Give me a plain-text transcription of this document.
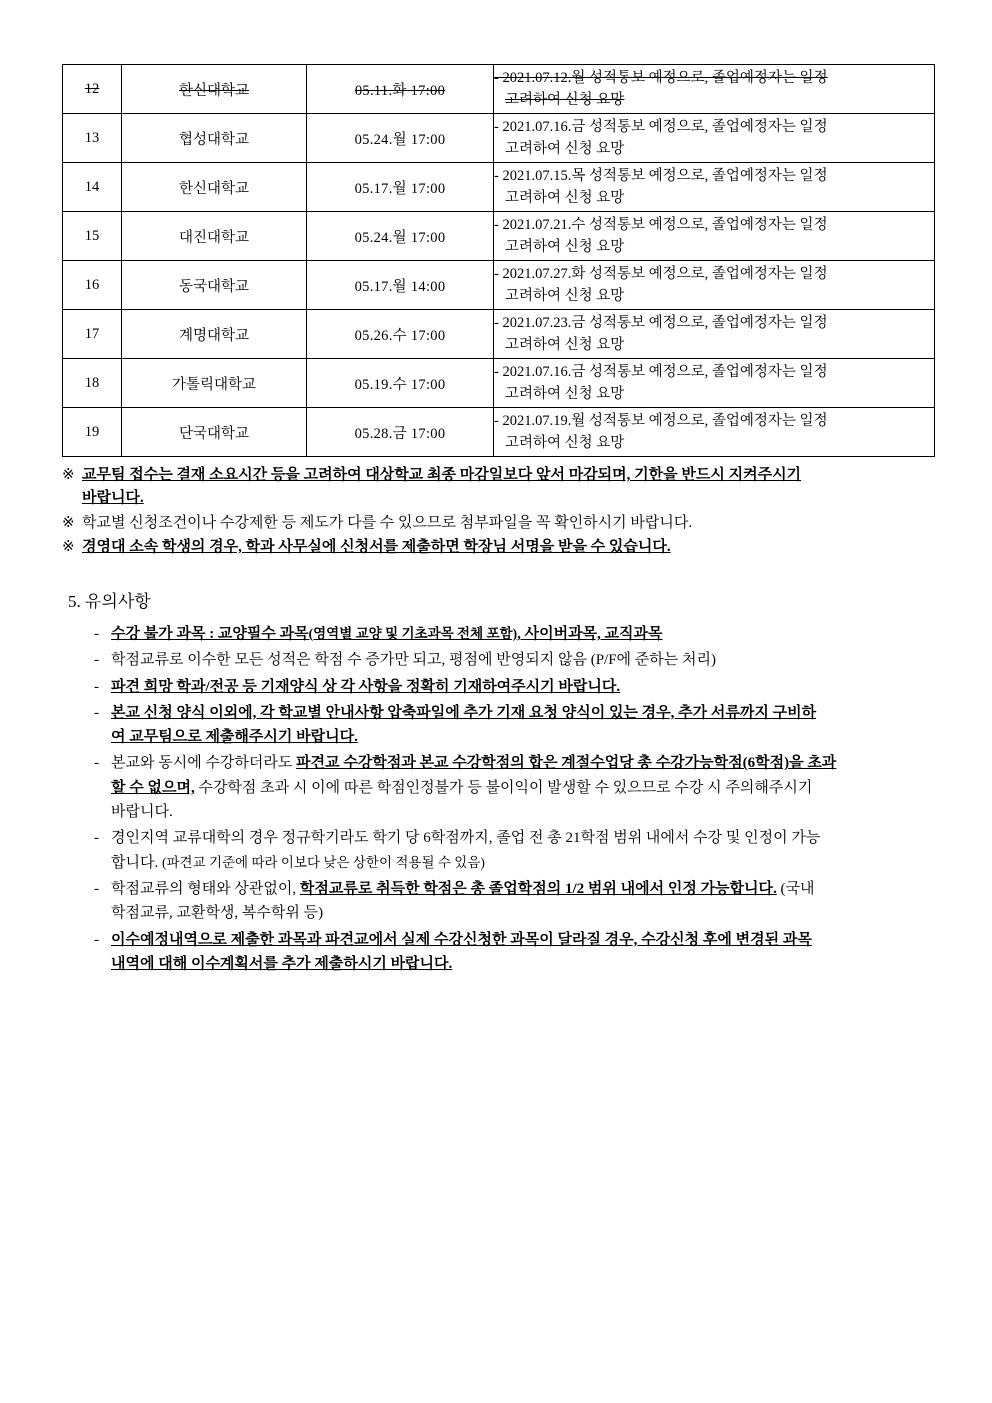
12	한신대학교	05.11.화 17:00	- 2021.07.12.월 성적통보 예정으로, 졸업예정자는 일정
고려하여 신청 요망

13	협성대학교	05.24.월 17:00	- 2021.07.16.금 성적통보 예정으로, 졸업예정자는 일정
고려하여 신청 요망

14	한신대학교	05.17.월 17:00	- 2021.07.15.목 성적통보 예정으로, 졸업예정자는 일정
고려하여 신청 요망

15	대진대학교	05.24.월 17:00	- 2021.07.21.수 성적통보 예정으로, 졸업예정자는 일정
고려하여 신청 요망

16	동국대학교	05.17.월 14:00	- 2021.07.27.화 성적통보 예정으로, 졸업예정자는 일정
고려하여 신청 요망

17	계명대학교	05.26.수 17:00	- 2021.07.23.금 성적통보 예정으로, 졸업예정자는 일정
고려하여 신청 요망

18	가톨릭대학교	05.19.수 17:00	- 2021.07.16.금 성적통보 예정으로, 졸업예정자는 일정
고려하여 신청 요망

19	단국대학교	05.28.금 17:00	- 2021.07.19.월 성적통보 예정으로, 졸업예정자는 일정
고려하여 신청 요망
※ 교무팀 접수는 결재 소요시간 등을 고려하여 대상학교 최종 마감일보다 앞서 마감되며, 기한을 반드시 지켜주시기
바랍니다.
※ 학교별 신청조건이나 수강제한 등 제도가 다를 수 있으므로 첨부파일을 꼭 확인하시기 바랍니다.
※ 경영대 소속 학생의 경우, 학과 사무실에 신청서를 제출하면 학장님 서명을 받을 수 있습니다.
5. 유의사항
- 수강 불가 과목 : 교양필수 과목(영역별 교양 및 기초과목 전체 포함), 사이버과목, 교직과목
- 학점교류로 이수한 모든 성적은 학점 수 증가만 되고, 평점에 반영되지 않음 (P/F에 준하는 처리)
- 파견 희망 학과/전공 등 기재양식 상 각 사항을 정확히 기재하여주시기 바랍니다.
- 본교 신청 양식 이외에, 각 학교별 안내사항 압축파일에 추가 기재 요청 양식이 있는 경우, 추가 서류까지 구비하
여 교무팀으로 제출해주시기 바랍니다.
- 본교와 동시에 수강하더라도 파견교 수강학점과 본교 수강학점의 합은 계절수업당 총 수강가능학점(6학점)을 초과
할 수 없으며, 수강학점 초과 시 이에 따른 학점인정불가 등 불이익이 발생할 수 있으므로 수강 시 주의해주시기
바랍니다.
- 경인지역 교류대학의 경우 정규학기라도 학기 당 6학점까지, 졸업 전 총 21학점 범위 내에서 수강 및 인정이 가능
합니다. (파견교 기준에 따라 이보다 낮은 상한이 적용될 수 있음)
- 학점교류의 형태와 상관없이, 학점교류로 취득한 학점은 총 졸업학점의 1/2 범위 내에서 인정 가능합니다. (국내
학점교류, 교환학생, 복수학위 등)
- 이수예정내역으로 제출한 과목과 파견교에서 실제 수강신청한 과목이 달라질 경우, 수강신청 후에 변경된 과목
내역에 대해 이수계획서를 추가 제출하시기 바랍니다.
